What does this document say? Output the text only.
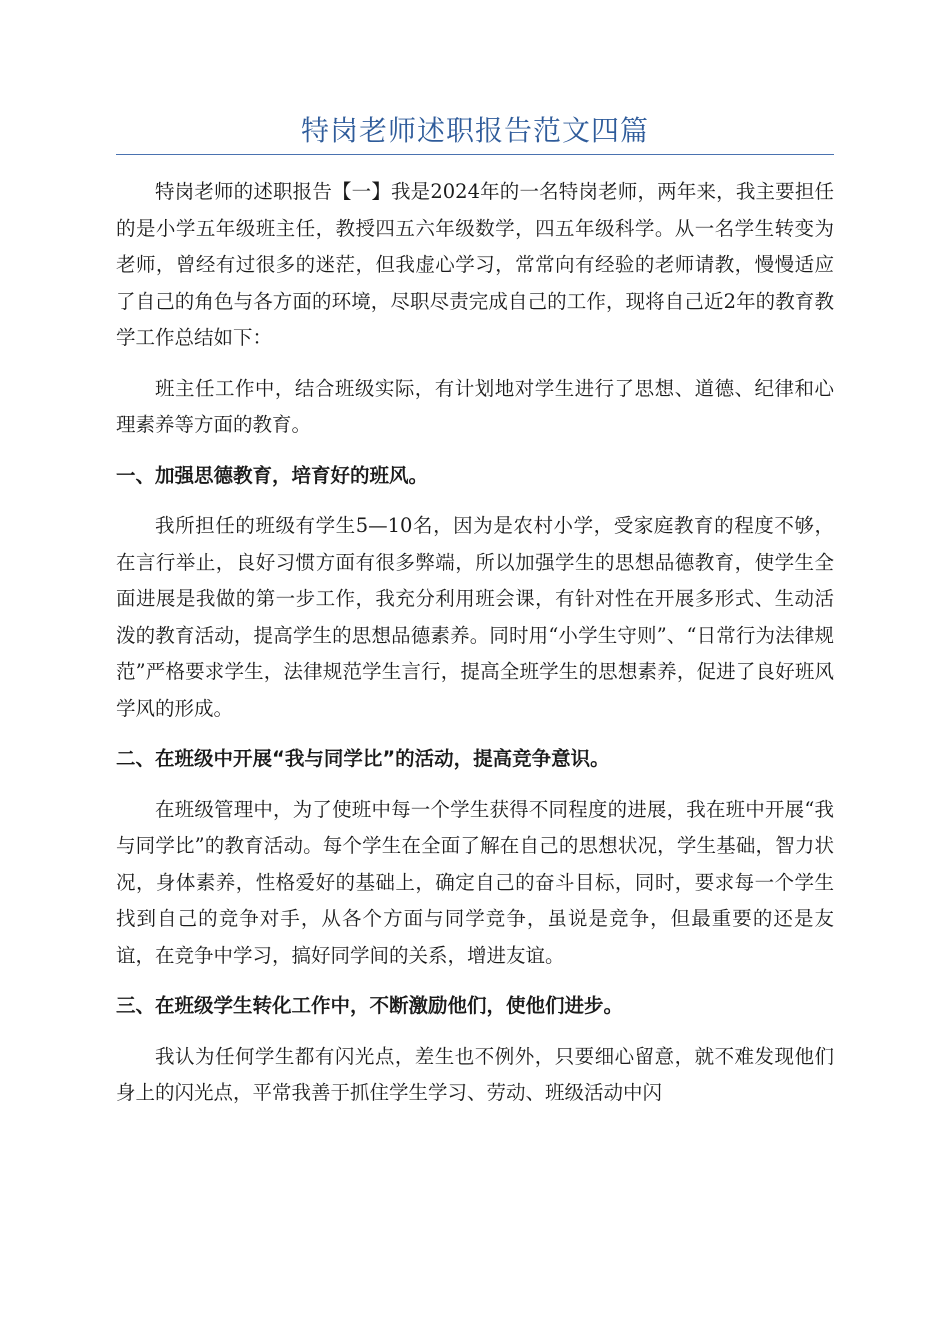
特岗老师述职报告范文四篇

特岗老师的述职报告【一】我是2024年的一名特岗老师，两年来，我主要担任的是小学五年级班主任，教授四五六年级数学，四五年级科学。从一名学生转变为老师，曾经有过很多的迷茫，但我虚心学习，常常向有经验的老师请教，慢慢适应了自己的角色与各方面的环境，尽职尽责完成自己的工作，现将自己近2年的教育教学工作总结如下：

班主任工作中，结合班级实际，有计划地对学生进行了思想、道德、纪律和心理素养等方面的教育。

一、加强思德教育，培育好的班风。

我所担任的班级有学生5—10名，因为是农村小学，受家庭教育的程度不够，在言行举止，良好习惯方面有很多弊端，所以加强学生的思想品德教育，使学生全面进展是我做的第一步工作，我充分利用班会课，有针对性在开展多形式、生动活泼的教育活动，提高学生的思想品德素养。同时用“小学生守则”、“日常行为法律规范”严格要求学生，法律规范学生言行，提高全班学生的思想素养，促进了良好班风学风的形成。

二、在班级中开展“我与同学比”的活动，提高竞争意识。

在班级管理中，为了使班中每一个学生获得不同程度的进展，我在班中开展“我与同学比”的教育活动。每个学生在全面了解在自己的思想状况，学生基础，智力状况，身体素养，性格爱好的基础上，确定自己的奋斗目标，同时，要求每一个学生找到自己的竞争对手，从各个方面与同学竞争，虽说是竞争，但最重要的还是友谊，在竞争中学习，搞好同学间的关系，增进友谊。

三、在班级学生转化工作中，不断激励他们，使他们进步。

我认为任何学生都有闪光点，差生也不例外，只要细心留意，就不难发现他们身上的闪光点，平常我善于抓住学生学习、劳动、班级活动中闪
